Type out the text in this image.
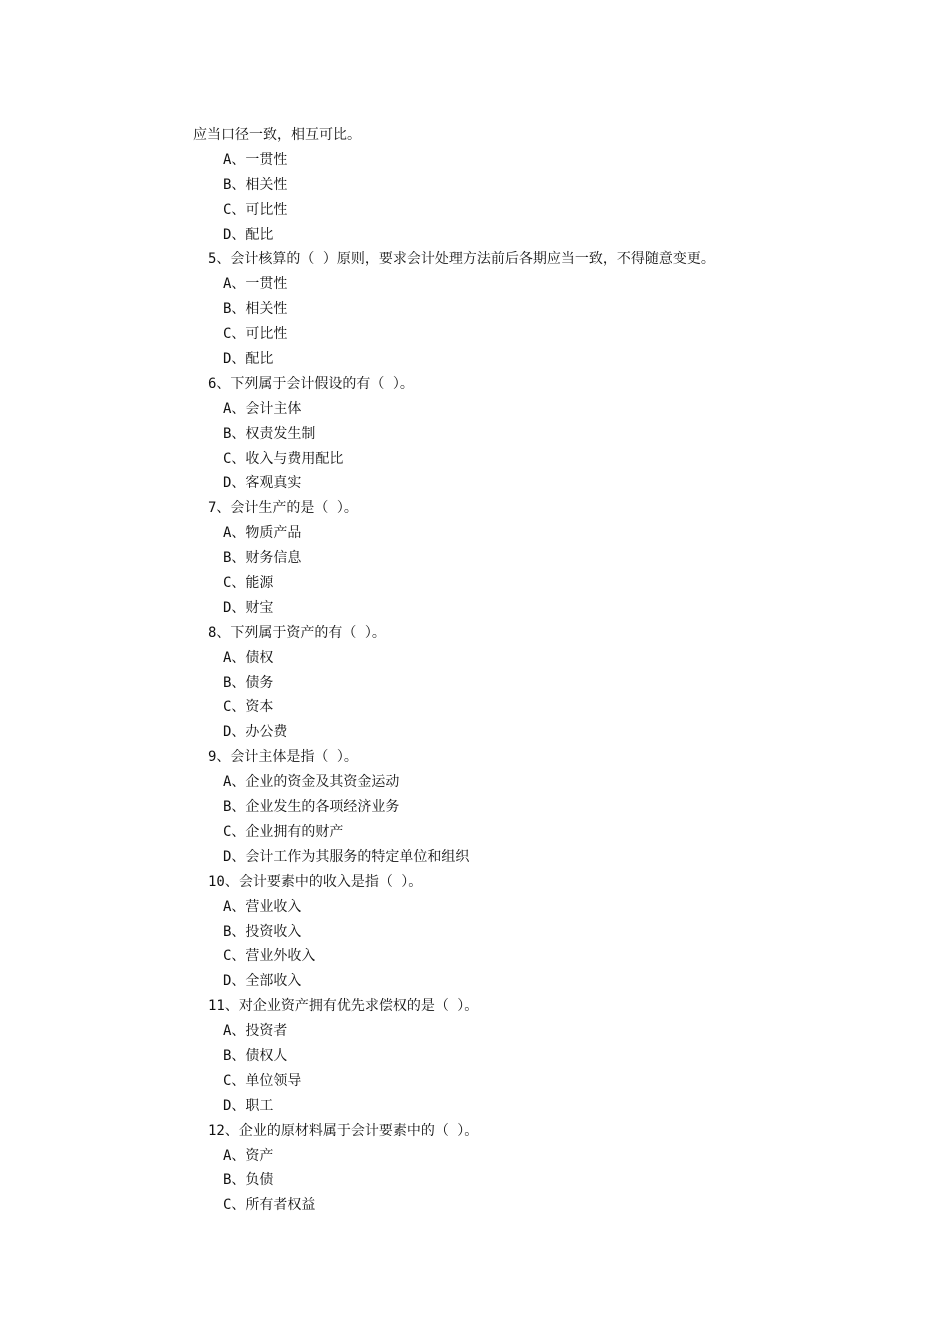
应当口径一致，相互可比。
A、一贯性
B、相关性
C、可比性
D、配比
5、会计核算的（ ）原则，要求会计处理方法前后各期应当一致，不得随意变更。
A、一贯性
B、相关性
C、可比性
D、配比
6、下列属于会计假设的有（ ）。
A、会计主体
B、权责发生制
C、收入与费用配比
D、客观真实
7、会计生产的是（ ）。
A、物质产品
B、财务信息
C、能源
D、财宝
8、下列属于资产的有（ ）。
A、债权
B、债务
C、资本
D、办公费
9、会计主体是指（ ）。
A、企业的资金及其资金运动
B、企业发生的各项经济业务
C、企业拥有的财产
D、会计工作为其服务的特定单位和组织
10、会计要素中的收入是指（ ）。
A、营业收入
B、投资收入
C、营业外收入
D、全部收入
11、对企业资产拥有优先求偿权的是（ ）。
A、投资者
B、债权人
C、单位领导
D、职工
12、企业的原材料属于会计要素中的（ ）。
A、资产
B、负债
C、所有者权益
